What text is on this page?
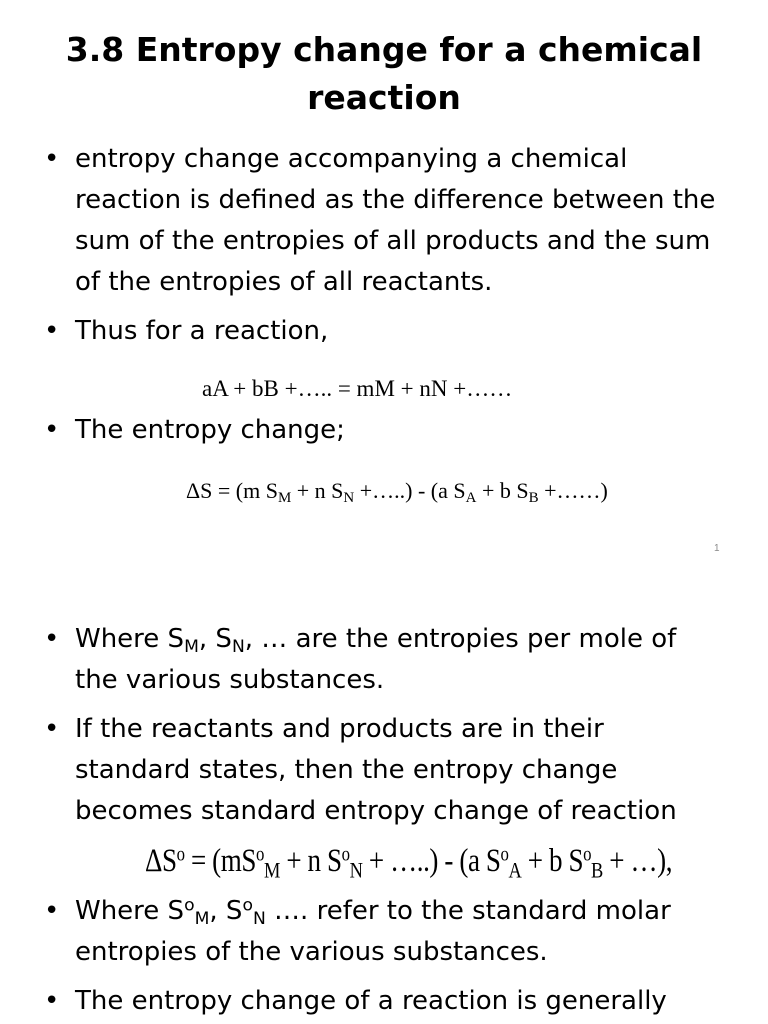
3.8 Entropy change for a chemical reaction
• entropy change accompanying a chemical reaction is defined as the difference between the sum of the entropies of all products and the sum of the entropies of all reactants.
• Thus for a reaction,
aA + bB +….. = mM + nN +……
• The entropy change;
ΔS = (m $S_M + n$ $S_N$ +…..) - (a $S_A + b$ $S_B$ +……)
1
• Where $S_M$, $S_N$, … are the entropies per mole of the various substances.
• If the reactants and products are in their standard states, then the entropy change becomes standard entropy change of reaction
$\Delta S^o = (mS^o_M + n$ $S^o_N$ + …..) - (a $S^o_A + b$ $S^o_B$ + …),
• Where $S^o_M$, $S^o_N$ …. refer to the standard molar entropies of the various substances.
• The entropy change of a reaction is generally
